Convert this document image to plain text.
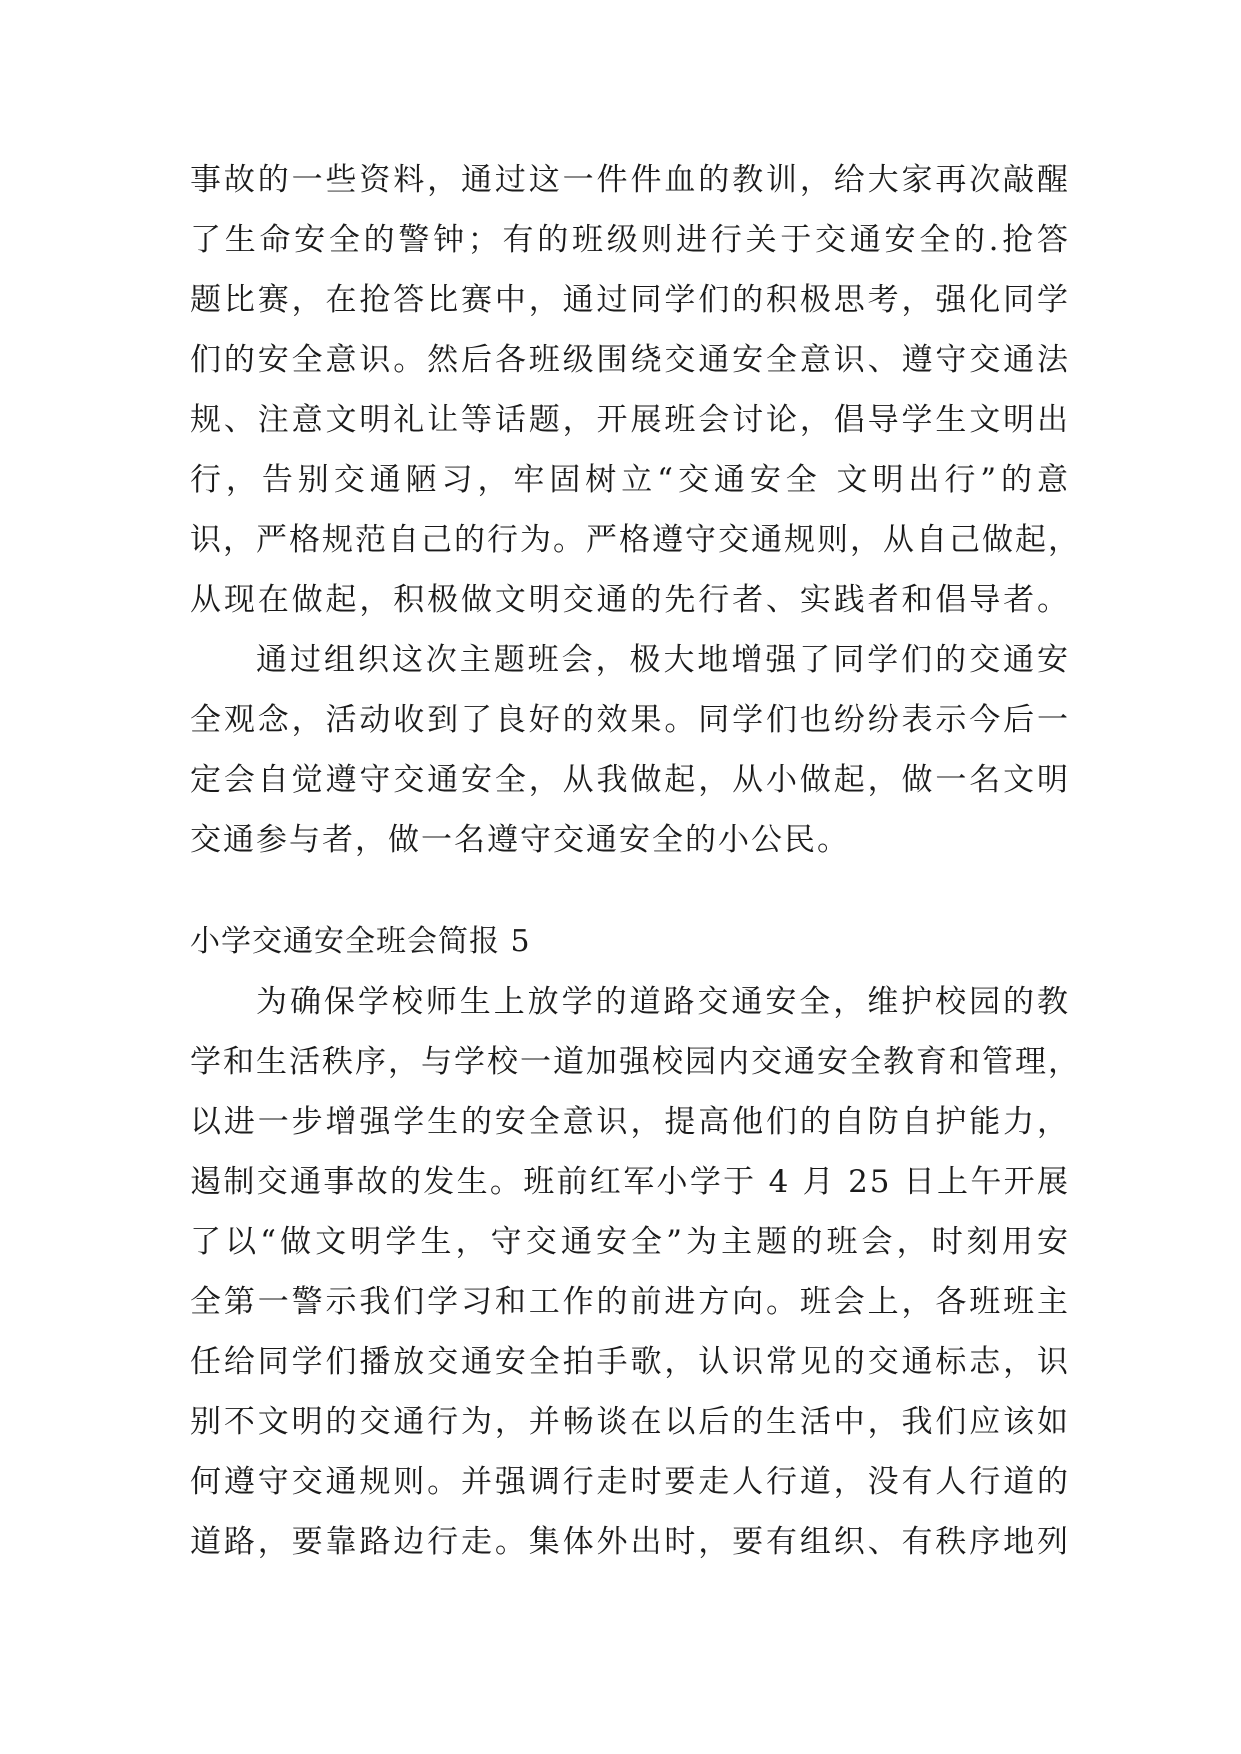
事故的一些资料，通过这一件件血的教训，给大家再次敲醒
了生命安全的警钟；有的班级则进行关于交通安全的.抢答
题比赛，在抢答比赛中，通过同学们的积极思考，强化同学
们的安全意识。然后各班级围绕交通安全意识、遵守交通法
规、注意文明礼让等话题，开展班会讨论，倡导学生文明出
行，告别交通陋习，牢固树立“交通安全 文明出行”的意
识，严格规范自己的行为。严格遵守交通规则，从自己做起，
从现在做起，积极做文明交通的先行者、实践者和倡导者。
通过组织这次主题班会，极大地增强了同学们的交通安
全观念，活动收到了良好的效果。同学们也纷纷表示今后一
定会自觉遵守交通安全，从我做起，从小做起，做一名文明
交通参与者，做一名遵守交通安全的小公民。
小学交通安全班会简报 5
为确保学校师生上放学的道路交通安全，维护校园的教
学和生活秩序，与学校一道加强校园内交通安全教育和管理，
以进一步增强学生的安全意识，提高他们的自防自护能力，
遏制交通事故的发生。班前红军小学于 4 月 25 日上午开展
了以“做文明学生，守交通安全”为主题的班会，时刻用安
全第一警示我们学习和工作的前进方向。班会上，各班班主
任给同学们播放交通安全拍手歌，认识常见的交通标志，识
别不文明的交通行为，并畅谈在以后的生活中，我们应该如
何遵守交通规则。并强调行走时要走人行道，没有人行道的
道路，要靠路边行走。集体外出时，要有组织、有秩序地列
